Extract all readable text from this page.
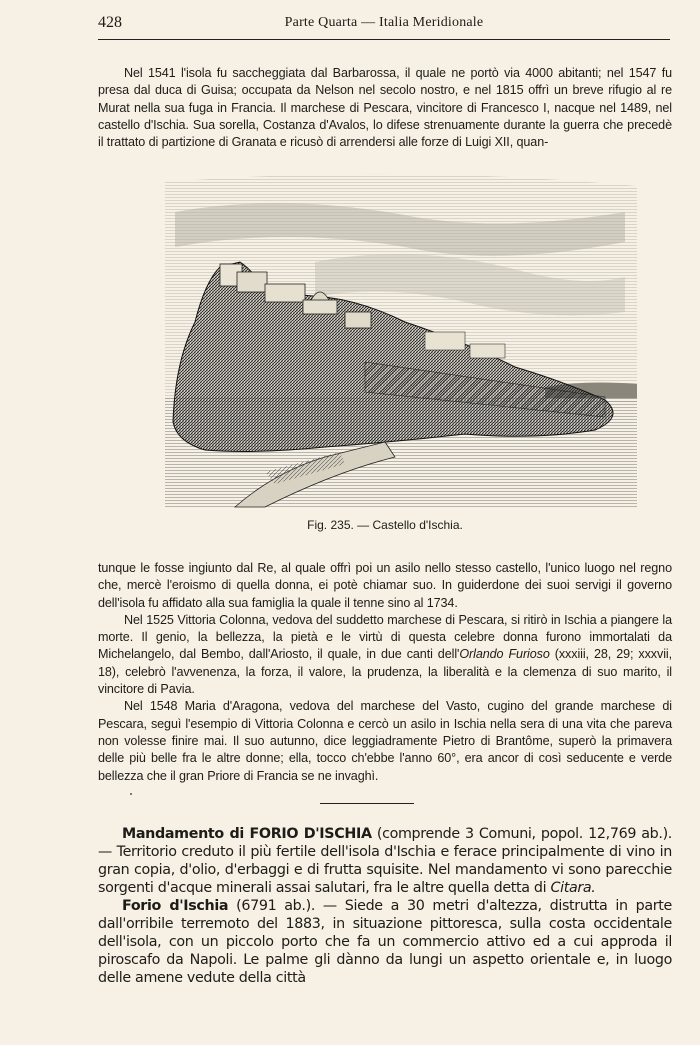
428	Parte Quarta — Italia Meridionale

Nel 1541 l'isola fu saccheggiata dal Barbarossa, il quale ne portò via 4000 abitanti; nel 1547 fu presa dal duca di Guisa; occupata da Nelson nel secolo nostro, e nel 1815 offrì un breve rifugio al re Murat nella sua fuga in Francia. Il marchese di Pescara, vincitore di Francesco I, nacque nel 1489, nel castello d'Ischia. Sua sorella, Costanza d'Avalos, lo difese strenuamente durante la guerra che precedè il trattato di partizione di Granata e ricusò di arrendersi alle forze di Luigi XII, quan-

Fig. 235. — Castello d'Ischia.

tunque le fosse ingiunto dal Re, al quale offrì poi un asilo nello stesso castello, l'unico luogo nel regno che, mercè l'eroismo di quella donna, ei potè chiamar suo. In guiderdone dei suoi servigi il governo dell'isola fu affidato alla sua famiglia la quale il tenne sino al 1734.

Nel 1525 Vittoria Colonna, vedova del suddetto marchese di Pescara, si ritirò in Ischia a piangere la morte. Il genio, la bellezza, la pietà e le virtù di questa celebre donna furono immortalati da Michelangelo, dal Bembo, dall'Ariosto, il quale, in due canti dell'Orlando Furioso (xxxiii, 28, 29; xxxvii, 18), celebrò l'avvenenza, la forza, il valore, la prudenza, la liberalità e la clemenza di suo marito, il vincitore di Pavia.

Nel 1548 Maria d'Aragona, vedova del marchese del Vasto, cugino del grande marchese di Pescara, seguì l'esempio di Vittoria Colonna e cercò un asilo in Ischia nella sera di una vita che pareva non volesse finire mai. Il suo autunno, dice leggiadramente Pietro di Brantôme, superò la primavera delle più belle fra le altre donne; ella, tocco ch'ebbe l'anno 60°, era ancor di così seducente e verde bellezza che il gran Priore di Francia se ne invaghì.

Mandamento di FORIO D'ISCHIA (comprende 3 Comuni, popol. 12,769 ab.). — Territorio creduto il più fertile dell'isola d'Ischia e ferace principalmente di vino in gran copia, d'olio, d'erbaggi e di frutta squisite. Nel mandamento vi sono parecchie sorgenti d'acque minerali assai salutari, fra le altre quella detta di Citara.

Forio d'Ischia (6791 ab.). — Siede a 30 metri d'altezza, distrutta in parte dall'orribile terremoto del 1883, in situazione pittoresca, sulla costa occidentale dell'isola, con un piccolo porto che fa un commercio attivo ed a cui approda il piroscafo da Napoli. Le palme gli dànno da lungi un aspetto orientale e, in luogo delle amene vedute della città
